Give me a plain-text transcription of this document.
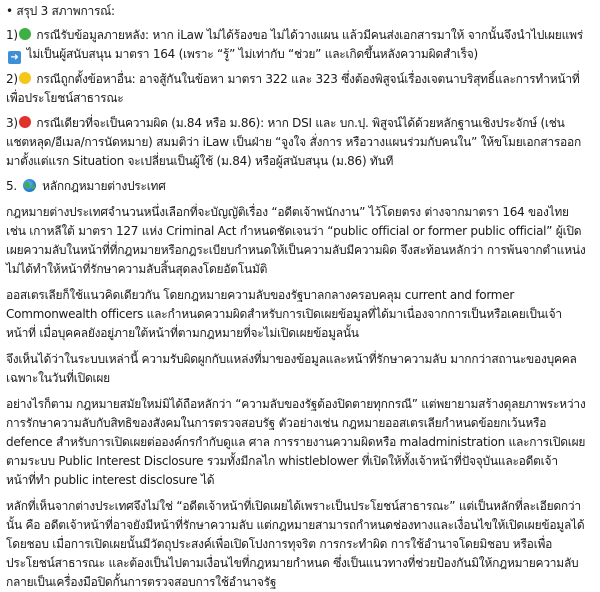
• สรุป 3 สภาพการณ์:

1) กรณีรับข้อมูลภายหลัง: หาก iLaw ไม่ได้ร้องขอ ไม่ได้วางแผน แล้วมีคนส่งเอกสารมาให้ จากนั้นจึงนำไปเผยแพร่ ➜ ไม่เป็นผู้สนับสนุน มาตรา 164 (เพราะ “รู้” ไม่เท่ากับ “ช่วย” และเกิดขึ้นหลังความผิดสำเร็จ)

2) กรณีถูกตั้งข้อหาอื่น: อาจสู้กันในข้อหา มาตรา 322 และ 323 ซึ่งต้องพิสูจน์เรื่องเจตนาบริสุทธิ์และการทำหน้าที่เพื่อประโยชน์สาธารณะ

3) กรณีเดียวที่จะเป็นความผิด (ม.84 หรือ ม.86): หาก DSI และ บก.ปฺ. พิสูจน์ได้ด้วยหลักฐานเชิงประจักษ์ (เช่น แชตหลุด/อีเมล/การนัดหมาย) สมมติว่า iLaw เป็นฝ่าย “จูงใจ สั่งการ หรือวางแผนร่วมกับคนใน” ให้ขโมยเอกสารออกมาตั้งแต่แรก Situation จะเปลี่ยนเป็นผู้ใช้ (ม.84) หรือผู้สนับสนุน (ม.86) ทันที

5. หลักกฎหมายต่างประเทศ

กฎหมายต่างประเทศจำนวนหนึ่งเลือกที่จะบัญญัติเรื่อง “อดีตเจ้าพนักงาน” ไว้โดยตรง ต่างจากมาตรา 164 ของไทย เช่น เกาหลีใต้ มาตรา 127 แห่ง Criminal Act กำหนดชัดเจนว่า “public official or former public official” ผู้เปิดเผยความลับในหน้าที่ที่กฎหมายหรือกฎระเบียบกำหนดให้เป็นความลับมีความผิด จึงสะท้อนหลักว่า การพ้นจากตำแหน่งไม่ได้ทำให้หน้าที่รักษาความลับสิ้นสุดลงโดยอัตโนมัติ

ออสเตรเลียก็ใช้แนวคิดเดียวกัน โดยกฎหมายความลับของรัฐบาลกลางครอบคลุม current and former Commonwealth officers และกำหนดความผิดสำหรับการเปิดเผยข้อมูลที่ได้มาเนื่องจากการเป็นหรือเคยเป็นเจ้าหน้าที่ เมื่อบุคคลยังอยู่ภายใต้หน้าที่ตามกฎหมายที่จะไม่เปิดเผยข้อมูลนั้น

จึงเห็นได้ว่าในระบบเหล่านี้ ความรับผิดผูกกับแหล่งที่มาของข้อมูลและหน้าที่รักษาความลับ มากกว่าสถานะของบุคคลเฉพาะในวันที่เปิดเผย

อย่างไรก็ตาม กฎหมายสมัยใหม่มิได้ถือหลักว่า “ความลับของรัฐต้องปิดตายทุกกรณี” แต่พยายามสร้างดุลยภาพระหว่าง การรักษาความลับกับสิทธิของสังคมในการตรวจสอบรัฐ ตัวอย่างเช่น กฎหมายออสเตรเลียกำหนดข้อยกเว้นหรือ defence สำหรับการเปิดเผยต่อองค์กรกำกับดูแล ศาล การรายงานความผิดหรือ maladministration และการเปิดเผยตามระบบ Public Interest Disclosure รวมทั้งมีกลไก whistleblower ที่เปิดให้ทั้งเจ้าหน้าที่ปัจจุบันและอดีตเจ้าหน้าที่ทำ public interest disclosure ได้

หลักที่เห็นจากต่างประเทศจึงไม่ใช่ “อดีตเจ้าหน้าที่เปิดเผยได้เพราะเป็นประโยชน์สาธารณะ” แต่เป็นหลักที่ละเอียดกว่านั้น คือ อดีตเจ้าหน้าที่อาจยังมีหน้าที่รักษาความลับ แต่กฎหมายสามารถกำหนดช่องทางและเงื่อนไขให้เปิดเผยข้อมูลได้โดยชอบ เมื่อการเปิดเผยนั้นมีวัตถุประสงค์เพื่อเปิดโปงการทุจริต การกระทำผิด การใช้อำนาจโดยมิชอบ หรือเพื่อประโยชน์สาธารณะ และต้องเป็นไปตามเงื่อนไขที่กฎหมายกำหนด ซึ่งเป็นแนวทางที่ช่วยป้องกันมิให้กฎหมายความลับกลายเป็นเครื่องมือปิดกั้นการตรวจสอบการใช้อำนาจรัฐ
